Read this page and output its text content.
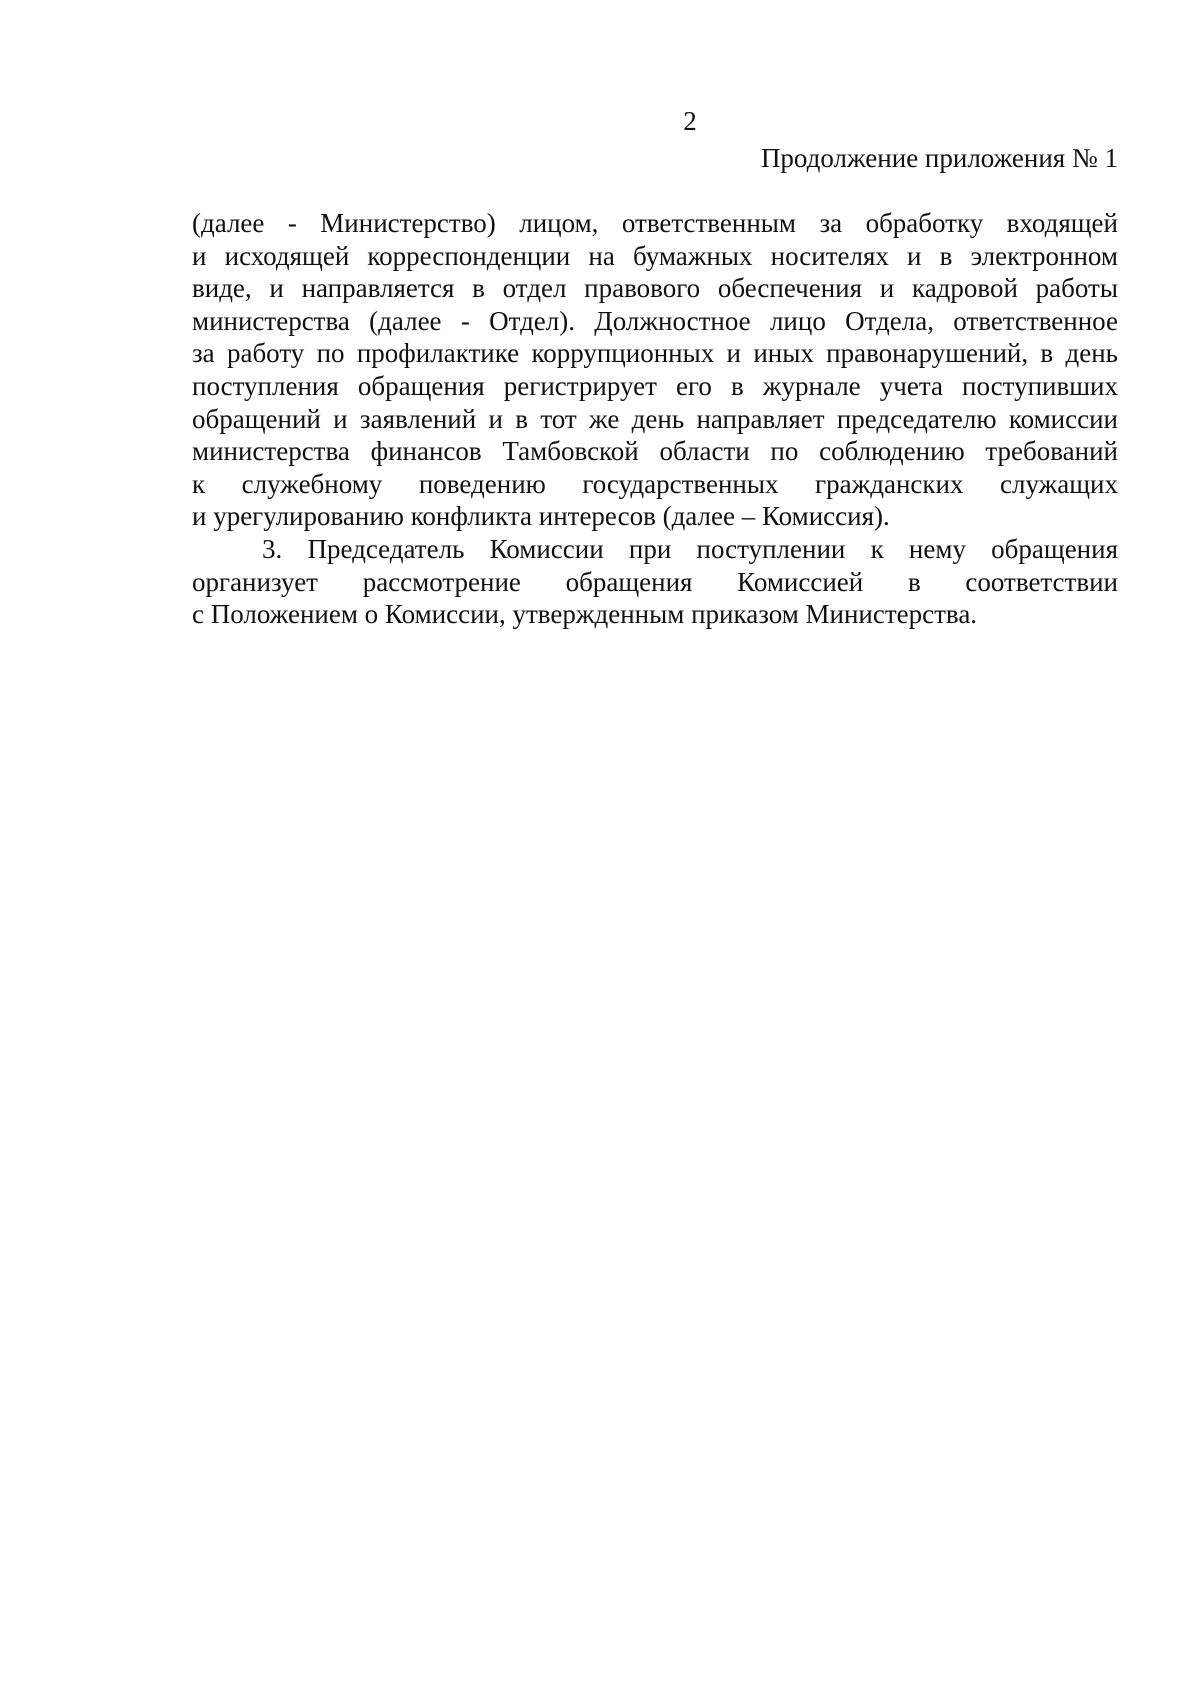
2
Продолжение приложения № 1
(далее - Министерство) лицом, ответственным за обработку входящей
и исходящей корреспонденции на бумажных носителях и в электронном
виде, и направляется в отдел правового обеспечения и кадровой работы
министерства (далее - Отдел). Должностное лицо Отдела, ответственное
за работу по профилактике коррупционных и иных правонарушений, в день
поступления обращения регистрирует его в журнале учета поступивших
обращений и заявлений и в тот же день направляет председателю комиссии
министерства финансов Тамбовской области по соблюдению требований
к служебному поведению государственных гражданских служащих
и урегулированию конфликта интересов (далее – Комиссия).
3. Председатель Комиссии при поступлении к нему обращения
организует рассмотрение обращения Комиссией в соответствии
с Положением о Комиссии, утвержденным приказом Министерства.
